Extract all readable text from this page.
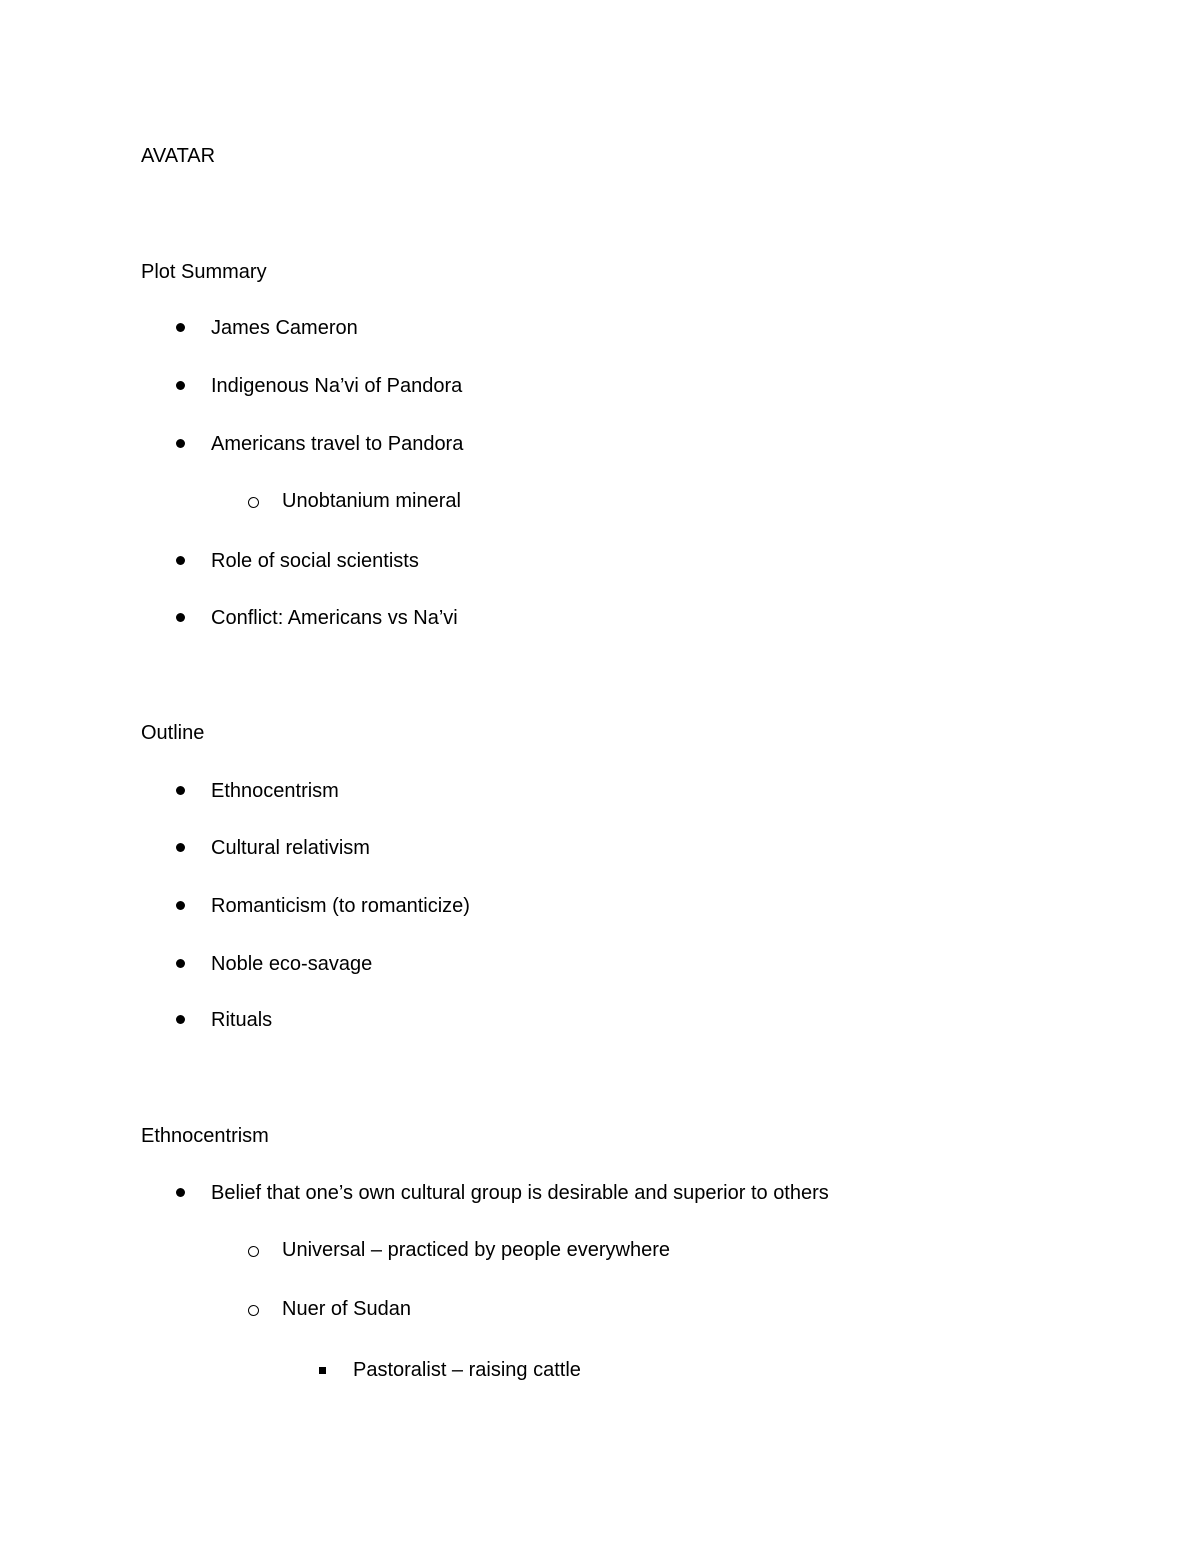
AVATAR
Plot Summary
James Cameron
Indigenous Na’vi of Pandora
Americans travel to Pandora
Unobtanium mineral
Role of social scientists
Conflict: Americans vs Na’vi
Outline
Ethnocentrism
Cultural relativism
Romanticism (to romanticize)
Noble eco-savage
Rituals
Ethnocentrism
Belief that one’s own cultural group is desirable and superior to others
Universal – practiced by people everywhere
Nuer of Sudan
Pastoralist – raising cattle
